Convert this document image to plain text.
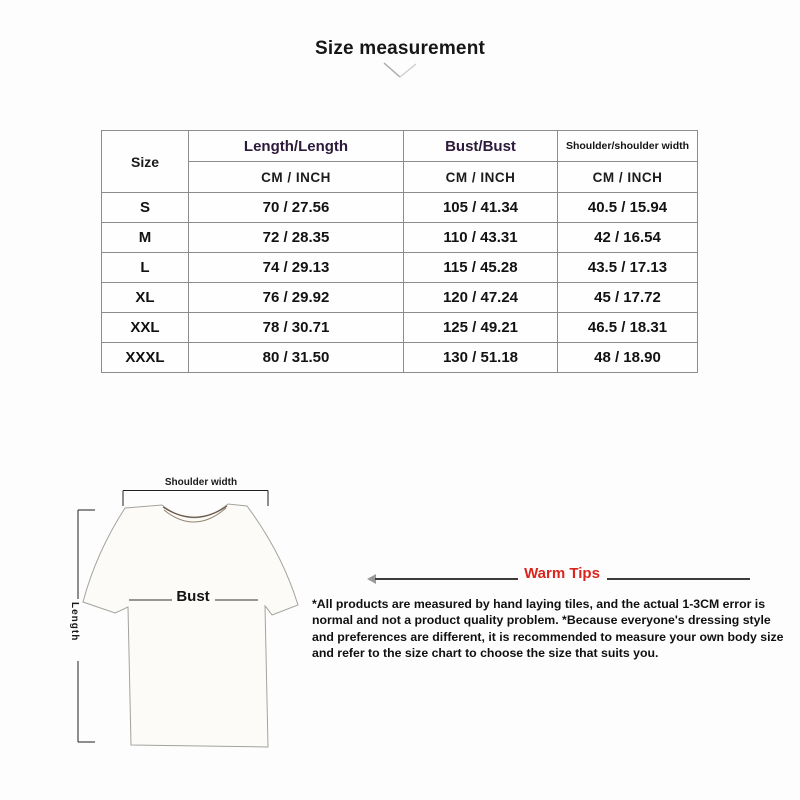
Size measurement
Size	Length/Length	Bust/Bust	Shoulder/shoulder width
	CM / INCH	CM / INCH	CM / INCH
S	70 / 27.56	105 / 41.34	40.5 / 15.94
M	72 / 28.35	110 / 43.31	42 / 16.54
L	74 / 29.13	115 / 45.28	43.5 / 17.13
XL	76 / 29.92	120 / 47.24	45 / 17.72
XXL	78 / 30.71	125 / 49.21	46.5 / 18.31
XXXL	80 / 31.50	130 / 51.18	48 / 18.90
Shoulder width
Length
Bust
Warm Tips
*All products are measured by hand laying tiles, and the actual 1-3CM error is
normal and not a product quality problem. *Because everyone's dressing style
and preferences are different, it is recommended to measure your own body size
and refer to the size chart to choose the size that suits you.
